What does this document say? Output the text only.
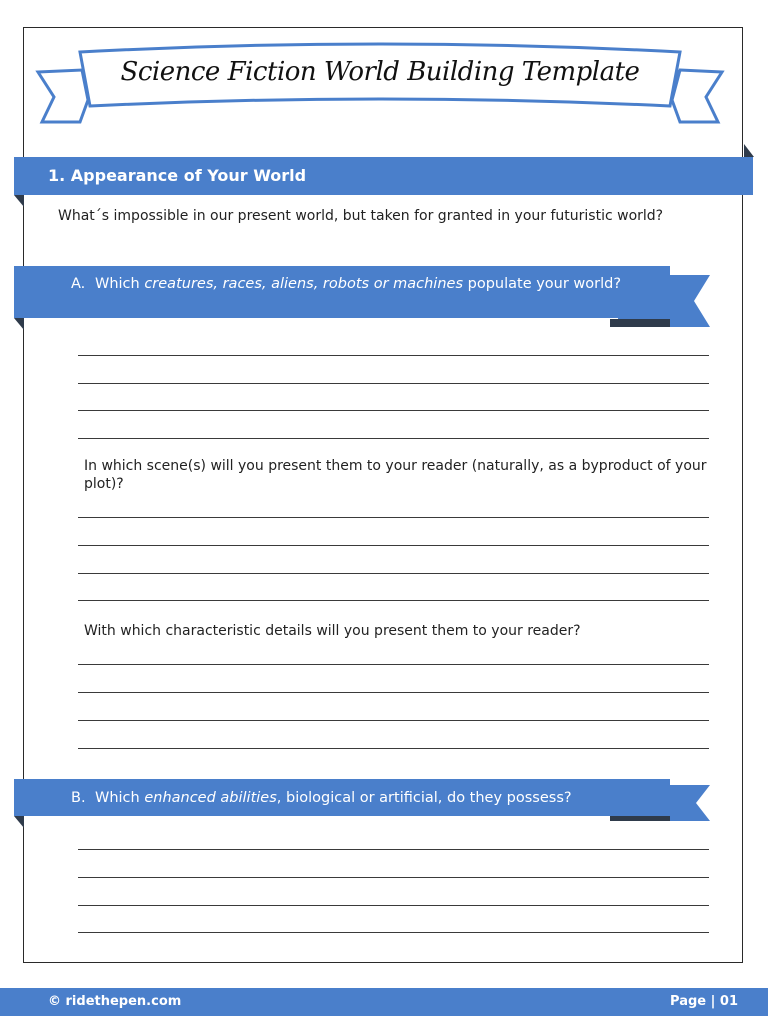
Science Fiction World Building Template
1. Appearance of Your World
What´s impossible in our present world, but taken for granted in your futuristic world?
A. Which creatures, races, aliens, robots or machines populate your world?
In which scene(s) will you present them to your reader (naturally, as a byproduct of your plot)?
With which characteristic details will you present them to your reader?
B. Which enhanced abilities, biological or artificial, do they possess?
© ridethepen.com	Page | 01
